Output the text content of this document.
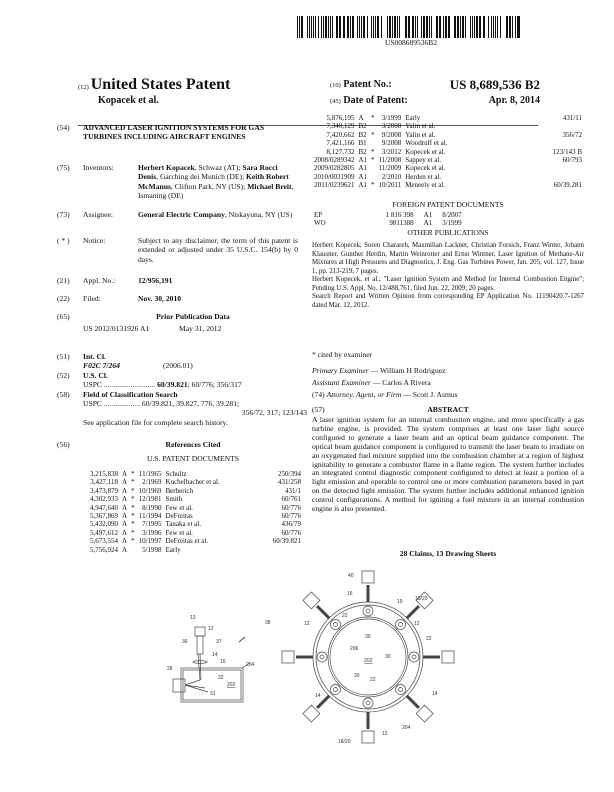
US008689536B2
(12) United States Patent
Kopacek et al.
(10) Patent No.:	US 8,689,536 B2
(45) Date of Patent:	Apr. 8, 2014
(54) ADVANCED LASER IGNITION SYSTEMS FOR GAS TURBINES INCLUDING AIRCRAFT ENGINES
(75) Inventors:	Herbert Kopacek, Schwaz (AT); Sara Rocci Denis, Garching dei Munich (DE); Keith Robert McManus, Clifton Park, NY (US); Michael Breit, Ismaning (DE)
(73) Assignee:	General Electric Company, Niskayuna, NY (US)
( * ) Notice:	Subject to any disclaimer, the term of this patent is extended or adjusted under 35 U.S.C. 154(b) by 0 days.
(21) Appl. No.:	12/956,191
(22) Filed:	Nov. 30, 2010
(65)	Prior Publication Data
US 2012/0131926 A1	May 31, 2012
(51) Int. Cl.
F02C 7/264	(2006.01)
(52) U.S. Cl.
USPC ........................... 60/39.821; 60/776; 356/317
(58) Field of Classification Search
USPC ................... 60/39.821, 39.827, 776, 39.281;
356/72, 317; 123/143
See application file for complete search history.
(56)	References Cited
U.S. PATENT DOCUMENTS
3,215,838	A	*	11/1965	Schultz	250/394
3,427,118	A	*	2/1969	Kuchelbacher et al.	431/258
3,473,879	A	*	10/1969	Berberich	431/1
4,302,933	A	*	12/1981	Smith	60/761
4,947,640	A	*	8/1990	Few et al.	60/776
5,367,869	A	*	11/1994	DeFreitas	60/776
5,432,090	A	*	7/1995	Tanaka et al.	436/79
5,497,612	A	*	3/1996	Few et al.	60/776
5,673,554	A	*	10/1997	DeFreitas et al.	60/39.821
5,756,924	A		5/1998	Early	
5,876,195	A	*	3/1999	Early	431/11
7,340,129	B2		3/2008	Yalin et al.	
7,420,662	B2	*	9/2008	Yalin et al.	356/72
7,421,166	B1		9/2008	Woodruff et al.	
8,127,732	B2	*	3/2012	Kopecek et al.	123/143 B
2008/0289342	A1	*	11/2008	Sappey et al.	60/793
2009/0282805	A1		11/2009	Kopecek et al.	
2010/0031909	A1		2/2010	Herden et al.	
2011/0239621	A1	*	10/2011	Meneely et al.	60/39.281
FOREIGN PATENT DOCUMENTS
EP	1 816 398	A1	8/2007
WO	9811388	A1	3/1999
OTHER PUBLICATIONS
Herbert Kopecek, Soren Charareh, Maxmilian Lackner, Christian Forsich, Franz Winter, Johann Klausner, Gunther Herdin, Martin Weinrotter and Ernst Wintner, Laser Ignition of Methane-Air Mixtures at High Pressures and Diagnostics, J. Eng. Gas Turbines Power, Jan. 205, vol. 127, Issue 1, pp. 213-219, 7 pages.
Herbert Kopecek, et al.; "Laser Ignition System and Method for Internal Combustion Engine"; Pending U.S. Appl. No. 12/488,761, filed Jun. 22, 2009; 20 pages.
Search Report and Written Opinion from corresponding EP Application No. 11190420.7-1267 dated Mar. 12, 2012.
* cited by examiner
Primary Examiner — William H Rodriguez
Assistant Examiner — Carlos A Rivera
(74) Attorney, Agent, or Firm — Scott J. Asmus
(57)	ABSTRACT
A laser ignition system for an internal combustion engine, and more specifically a gas turbine engine, is provided. The system comprises at least one laser light source configured to generate a laser beam and an optical beam guidance component. The optical beam guidance component is configured to transmit the laser beam to irradiate on an oxygenated fuel mixture supplied into the combustion chamber at a region of highest ignitability to generate a combustor flame in a flame region. The system further includes an integrated control diagnostic component configured to detect at least a portion of a light emission and operable to control one or more combustion parameters based in part on the detected light emission. The system further includes additional enhanced ignition control configurations. A method for igniting a fuel mixture in an internal combustion engine is also presented.
28 Claims, 13 Drawing Sheets
13
12
36	37
14
16	204
28
32
202
31
38
40
16
18/20
19
22
12
30
206
202
30
22
30
22
14
12
204
14
18/20
12
